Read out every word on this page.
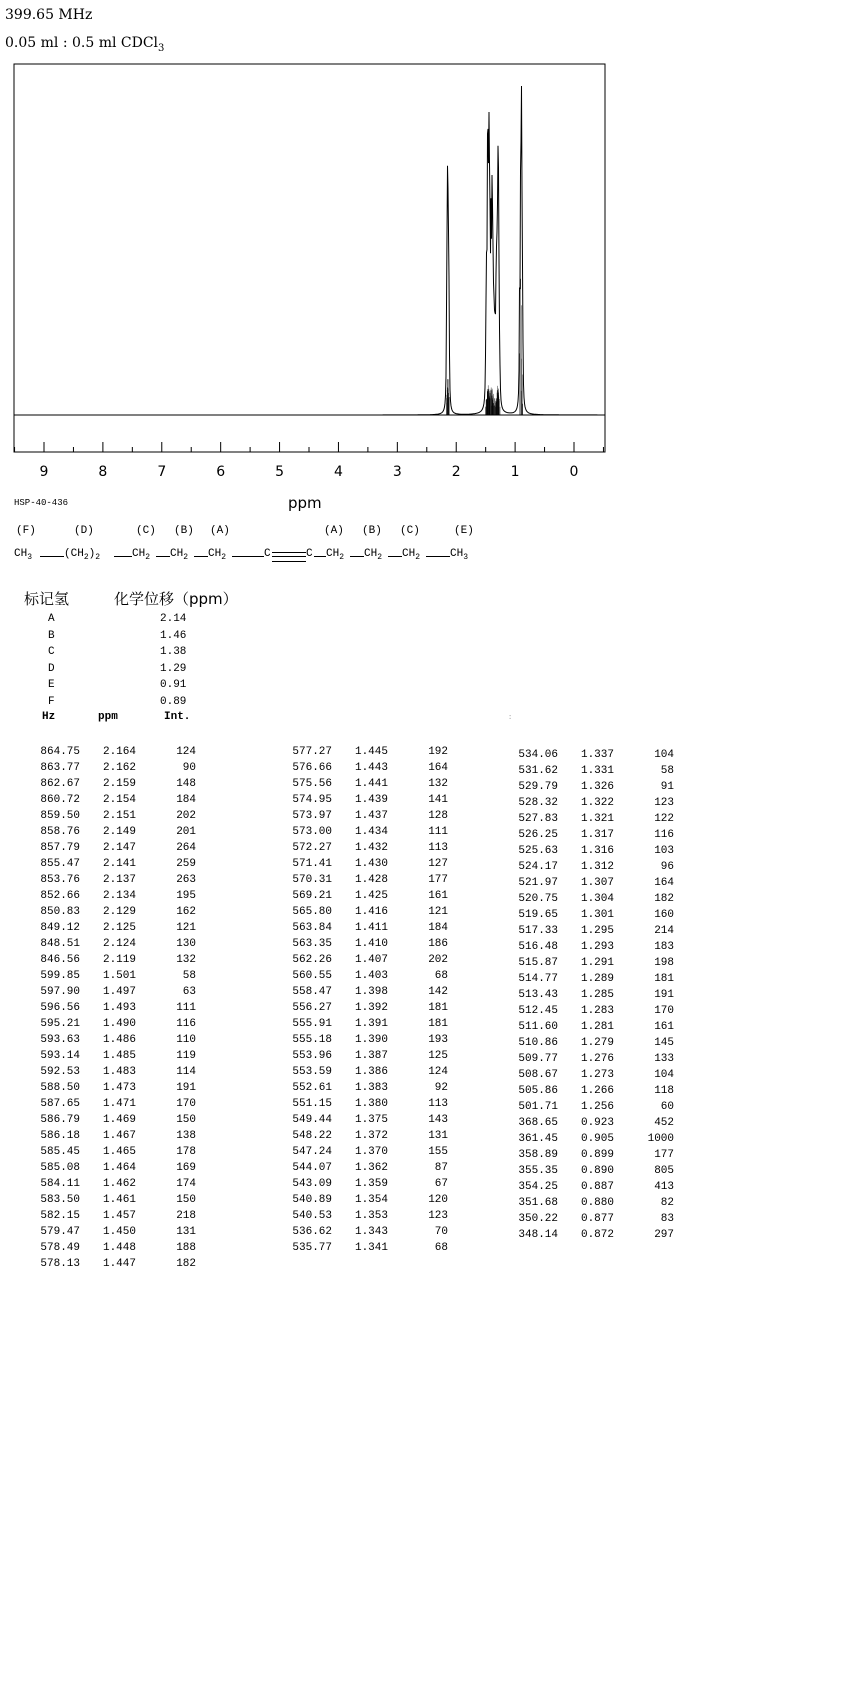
399.65 MHz
0.05 ml : 0.5 ml CDCl$_3$
9	8	7	6	5	4	3	2	1	0
ppm
HSP-40-436
(F)	(D)	(C) (B) (A)	(A) (B) (C)	(E)
$CH_3$	$(CH_2)_2$	$CH_2$ $CH_2$ $CH_2$	C	C $CH_2$ $CH_2$ $CH_2$	$CH_3$
标记氢	化学位移（ppm）
A	2.14
B	1.46
C	1.38
D	1.29
E	0.91
F	0.89
Hz	ppm	Int.	:
864.75	2.164	124
863.77	2.162	90
862.67	2.159	148
860.72	2.154	184
859.50	2.151	202
858.76	2.149	201
857.79	2.147	264
855.47	2.141	259
853.76	2.137	263
852.66	2.134	195
850.83	2.129	162
849.12	2.125	121
848.51	2.124	130
846.56	2.119	132
599.85	1.501	58
597.90	1.497	63
596.56	1.493	111
595.21	1.490	116
593.63	1.486	110
593.14	1.485	119
592.53	1.483	114
588.50	1.473	191
587.65	1.471	170
586.79	1.469	150
586.18	1.467	138
585.45	1.465	178
585.08	1.464	169
584.11	1.462	174
583.50	1.461	150
582.15	1.457	218
579.47	1.450	131
578.49	1.448	188
578.13	1.447	182
577.27	1.445	192
576.66	1.443	164
575.56	1.441	132
574.95	1.439	141
573.97	1.437	128
573.00	1.434	111
572.27	1.432	113
571.41	1.430	127
570.31	1.428	177
569.21	1.425	161
565.80	1.416	121
563.84	1.411	184
563.35	1.410	186
562.26	1.407	202
560.55	1.403	68
558.47	1.398	142
556.27	1.392	181
555.91	1.391	181
555.18	1.390	193
553.96	1.387	125
553.59	1.386	124
552.61	1.383	92
551.15	1.380	113
549.44	1.375	143
548.22	1.372	131
547.24	1.370	155
544.07	1.362	87
543.09	1.359	67
540.89	1.354	120
540.53	1.353	123
536.62	1.343	70
535.77	1.341	68
534.06	1.337	104
531.62	1.331	58
529.79	1.326	91
528.32	1.322	123
527.83	1.321	122
526.25	1.317	116
525.63	1.316	103
524.17	1.312	96
521.97	1.307	164
520.75	1.304	182
519.65	1.301	160
517.33	1.295	214
516.48	1.293	183
515.87	1.291	198
514.77	1.289	181
513.43	1.285	191
512.45	1.283	170
511.60	1.281	161
510.86	1.279	145
509.77	1.276	133
508.67	1.273	104
505.86	1.266	118
501.71	1.256	60
368.65	0.923	452
361.45	0.905	1000
358.89	0.899	177
355.35	0.890	805
354.25	0.887	413
351.68	0.880	82
350.22	0.877	83
348.14	0.872	297
